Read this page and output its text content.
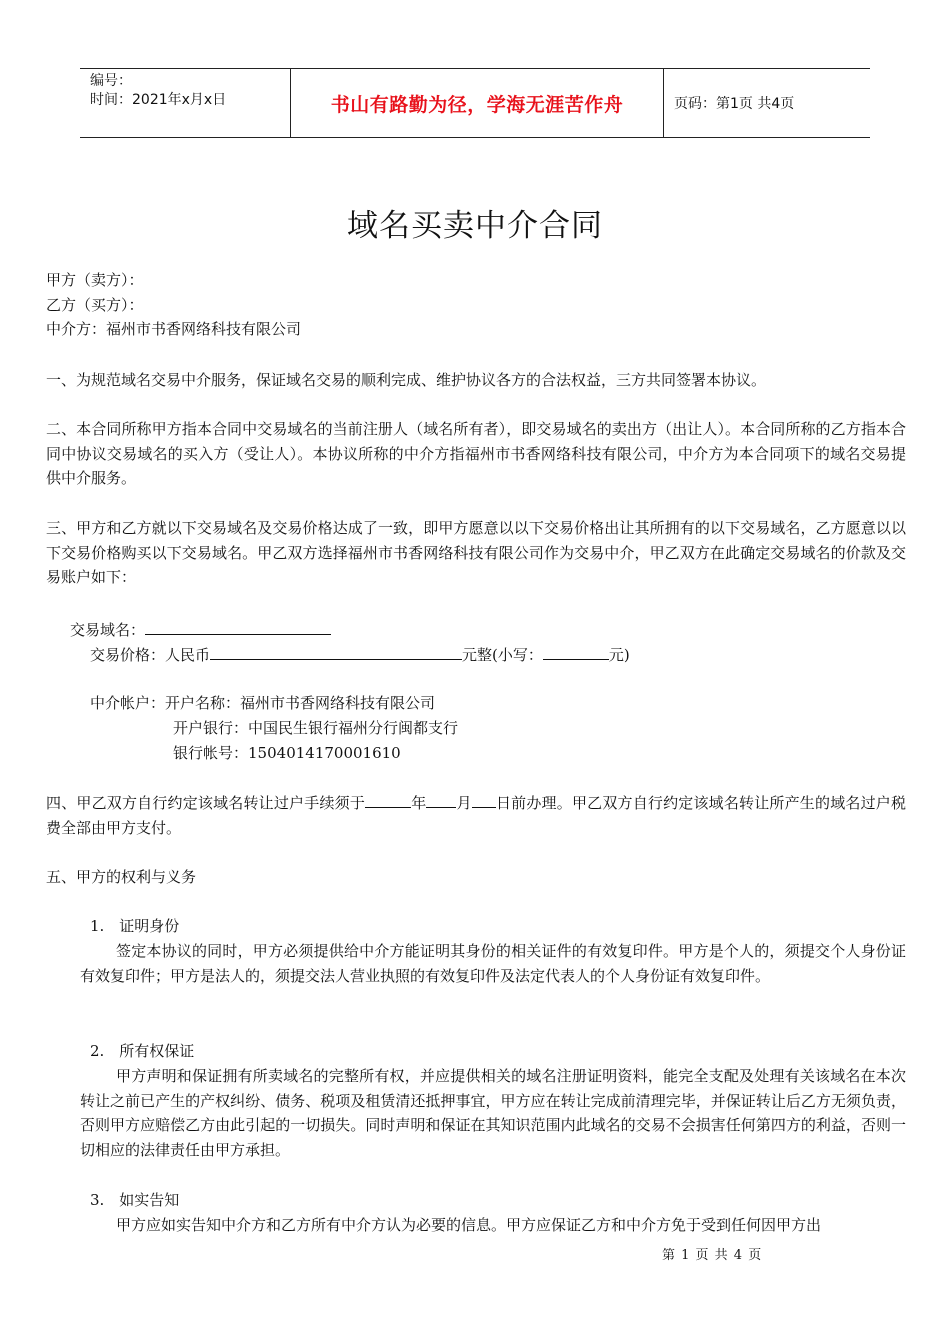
编号：
时间：2021年x月x日	书山有路勤为径，学海无涯苦作舟	页码：第1页 共4页
域名买卖中介合同

甲方（卖方）：

乙方（买方）：

中介方：福州市书香网络科技有限公司

一、为规范域名交易中介服务，保证域名交易的顺利完成、维护协议各方的合法权益，三方共同签署本协议。

二、本合同所称甲方指本合同中交易域名的当前注册人（域名所有者），即交易域名的卖出方（出让人）。本合同所称的乙方指本合同中协议交易域名的买入方（受让人）。本协议所称的中介方指福州市书香网络科技有限公司，中介方为本合同项下的域名交易提供中介服务。

三、甲方和乙方就以下交易域名及交易价格达成了一致，即甲方愿意以以下交易价格出让其所拥有的以下交易域名，乙方愿意以以下交易价格购买以下交易域名。甲乙双方选择福州市书香网络科技有限公司作为交易中介，甲乙双方在此确定交易域名的价款及交易账户如下：

交易域名：

交易价格：人民币	元整(小写：	元)

中介帐户：开户名称：福州市书香网络科技有限公司

开户银行：中国民生银行福州分行闽都支行

银行帐号：1504014170001610

四、甲乙双方自行约定该域名转让过户手续须于	年 月 日前办理。甲乙双方自行约定该域名转让所产生的域名过户税费全部由甲方支付。

五、甲方的权利与义务

1.　证明身份

签定本协议的同时，甲方必须提供给中介方能证明其身份的相关证件的有效复印件。甲方是个人的，须提交个人身份证有效复印件；甲方是法人的，须提交法人营业执照的有效复印件及法定代表人的个人身份证有效复印件。

2.　所有权保证

甲方声明和保证拥有所卖域名的完整所有权，并应提供相关的域名注册证明资料，能完全支配及处理有关该域名在本次转让之前已产生的产权纠纷、债务、税项及租赁清还抵押事宜，甲方应在转让完成前清理完毕，并保证转让后乙方无须负责，否则甲方应赔偿乙方由此引起的一切损失。同时声明和保证在其知识范围内此域名的交易不会损害任何第四方的利益，否则一切相应的法律责任由甲方承担。

3.　如实告知

甲方应如实告知中介方和乙方所有中介方认为必要的信息。甲方应保证乙方和中介方免于受到任何因甲方出

第 1 页 共 4 页
